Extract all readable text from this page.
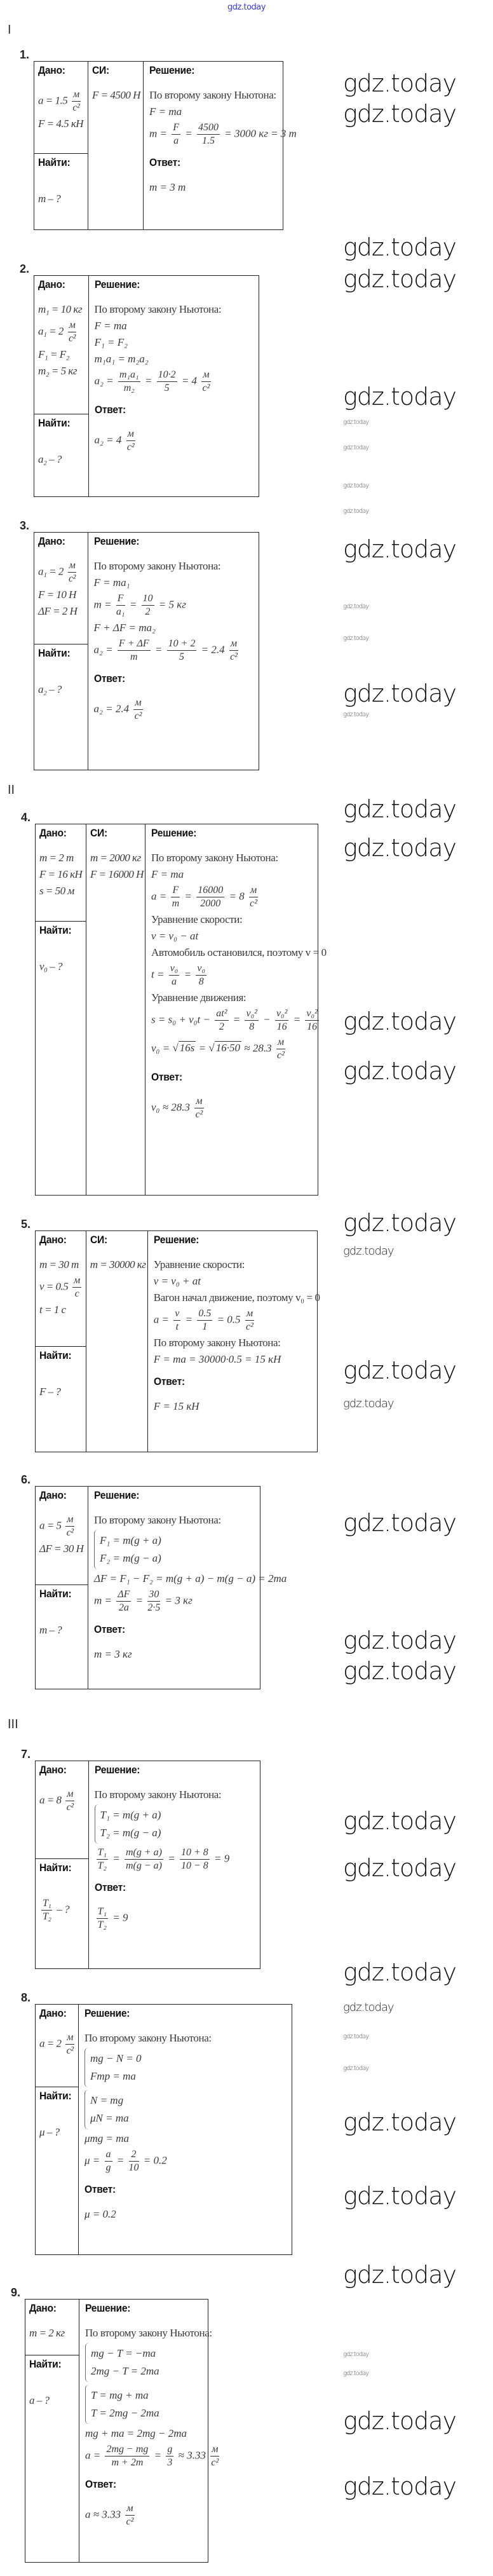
gdz.today
I
II
III
1.
Дано:
$a = 1.5 \frac{м}{\text{с²}}$
F = 4.5 кН
Найти:
m – ?
СИ:
F = 4500 Н
Решение:
По второму закону Ньютона:
F = ma
$m = \frac{F}{a} = \frac{4500}{1.5} = 3000$ кг = 3 т
Ответ:
m = 3 т
2.
Дано:
m₁ = 10 кг
$a_1 = 2 \frac{м}{\text{с²}}$
F₁ = F₂
m₂ = 5 кг
Найти:
a₂ – ?
Решение:
По второму закону Ньютона:
F = ma
F₁ = F₂
m₁a₁ = m₂a₂
$a_2 = \frac{\text{m₁a₁}}{\text{m₂}} = \frac{10\cdot 2}{5} = 4 \frac{м}{\text{с²}}$
Ответ:
$a_2 = 4 \frac{м}{\text{с²}}$
3.
Дано:
$a_1 = 2 \frac{м}{\text{с²}}$
F = 10 Н
ΔF = 2 Н
Найти:
a₂ – ?
Решение:
По второму закону Ньютона:
F = ma₁
$m = \frac{F}{\text{a₁}} = \frac{10}{2} = 5$ кг
F + ΔF = ma₂
$a_2 = \frac{F + \Delta F}{m} = \frac{10 + 2}{5} = 2.4 \frac{м}{\text{с²}}$
Ответ:
$a_2 = 2.4 \frac{м}{\text{с²}}$
4.
Дано:
m = 2 т
F = 16 кН
s = 50 м
Найти:
v₀ – ?
СИ:
m = 2000 кг
F = 16000 Н
Решение:
По второму закону Ньютона:
F = ma
$a = \frac{F}{m} = \frac{16000}{2000} = 8 \frac{м}{\text{с²}}$
Уравнение скорости:
v = v₀ − at
Автомобиль остановился, поэтому v = 0
$t = \frac{\text{v₀}}{a} = \frac{\text{v₀}}{8}$
Уравнение движения:
$s = s_0 + v_0t - \frac{\text{at²}}{2} = \frac{\text{v₀²}}{8} - \frac{\text{v₀²}}{16} = \frac{\text{v₀²}}{16}$
v₀ = √ 16s = √ $16\cdot 50 \approx 28.3 \frac{м}{\text{с²}}$
Ответ:
$v_0 \approx 28.3 \frac{м}{\text{с²}}$
5.
Дано:
m = 30 т
$v = 0.5 \frac{м}{с}$
t = 1 с
Найти:
F – ?
СИ:
m = 30000 кг
Решение:
Уравнение скорости:
v = v₀ + at
Вагон начал движение, поэтому v₀ = 0
$a = \frac{v}{t} = \frac{0.5}{1} = 0.5 \frac{м}{\text{с²}}$
По второму закону Ньютона:
F = ma = 30000·0.5 = 15 кН
Ответ:
F = 15 кН
6.
Дано:
$a = 5 \frac{м}{\text{с²}}$
ΔF = 30 Н
Найти:
m – ?
Решение:
По второму закону Ньютона:
F₁ = m(g + a)
F₂ = m(g − a)
ΔF = F₁ − F₂ = m(g + a) − m(g − a) = 2ma
$m = \frac{\Delta F}{2a} = \frac{30}{2\cdot 5} = 3$ кг
Ответ:
m = 3 кг
7.
Дано:
$a = 8 \frac{м}{\text{с²}}$
Найти:
$\frac{\text{T₁}}{\text{T₂}}$ – ?
Решение:
По второму закону Ньютона:
T₁ = m(g + a)
T₂ = m(g − a)
$\frac{\text{T₁}}{\text{T₂}} = \frac{m(g + a)}{m(g - a)} = \frac{10 + 8}{10 - 8} = 9$
Ответ:
$\frac{\text{T₁}}{\text{T₂}} = 9$
8.
Дано:
$a = 2 \frac{м}{\text{с²}}$
Найти:
μ – ?
Решение:
По второму закону Ньютона:
mg − N = 0
Fтр = ma
N = mg
μN = ma
μmg = ma
$\mu = \frac{a}{g} = \frac{2}{10} = 0.2$
Ответ:
μ = 0.2
9.
Дано:
m = 2 кг
Найти:
a – ?
Решение:
По второму закону Ньютона:
mg − T = −ma
2mg − T = 2ma
T = mg + ma
T = 2mg − 2ma
mg + ma = 2mg − 2ma
$a = \frac{2mg - mg}{m + 2m} = \frac{g}{3} \approx 3.33 \frac{м}{\text{с²}}$
Ответ:
$a \approx 3.33 \frac{м}{\text{с²}}$
gdz.today
gdz.today
gdz.today
gdz.today
gdz.today
gdz.today
gdz.today
gdz.today
gdz.today
gdz.today
gdz.today
gdz.today
gdz.today
gdz.today
gdz.today
gdz.today
gdz.today
gdz.today
gdz.today
gdz.today
gdz.today
gdz.today
gdz.today
gdz.today
gdz.today
gdz.today
gdz.today
gdz.today
gdz.today
gdz.today
gdz.today
gdz.today
gdz.today
gdz.today
gdz.today
gdz.today
gdz.today
gdz.today
